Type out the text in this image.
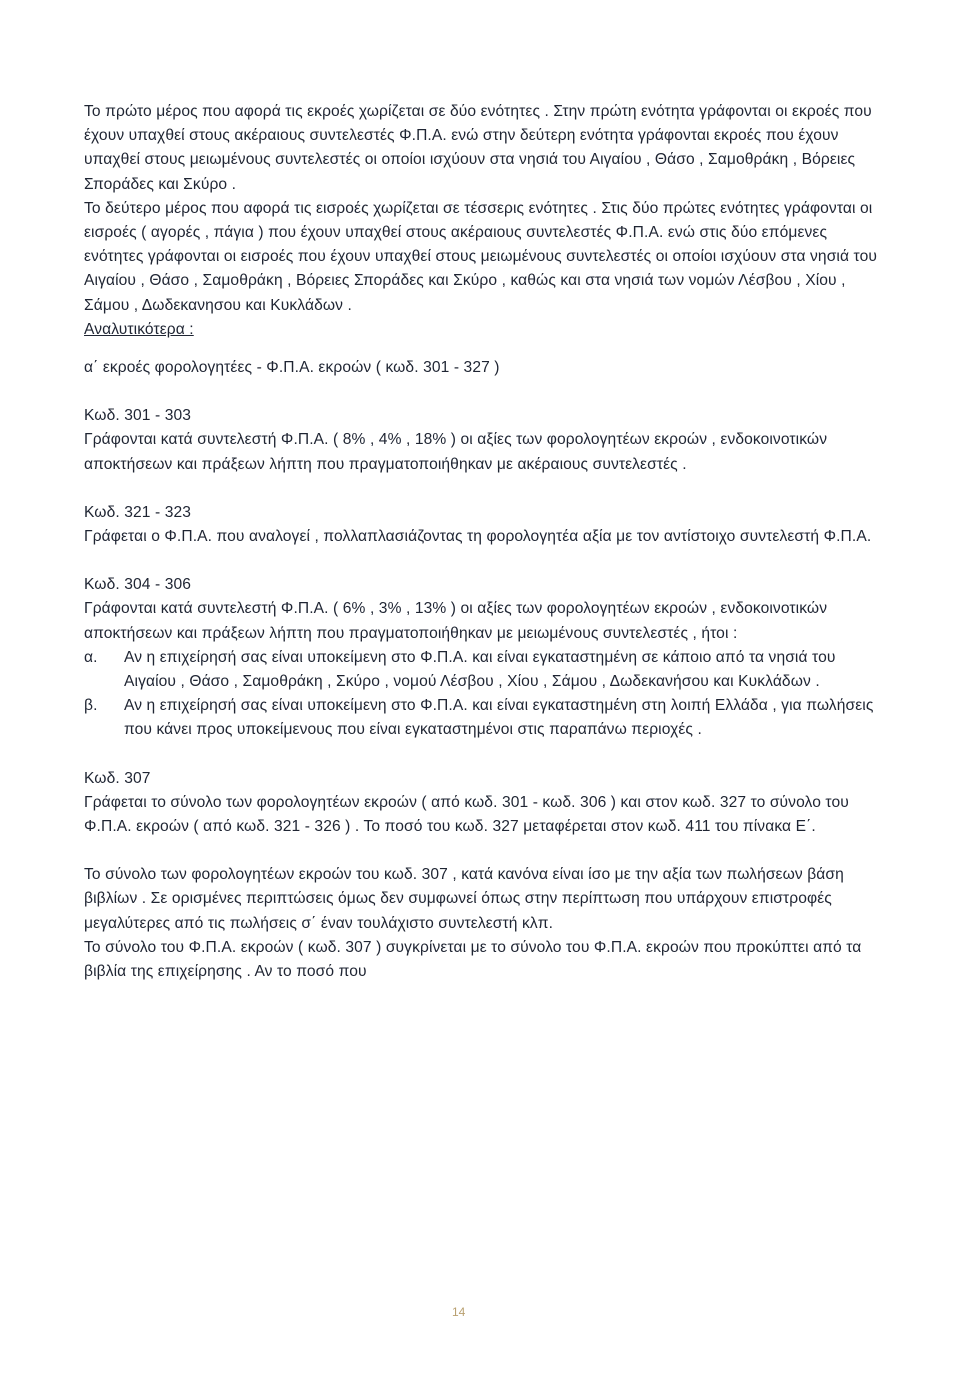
Το πρώτο μέρος που αφορά τις εκροές χωρίζεται σε δύο ενότητες . Στην πρώτη ενότητα γράφονται οι εκροές που έχουν υπαχθεί στους ακέραιους συντελεστές Φ.Π.Α. ενώ στην δεύτερη ενότητα γράφονται εκροές που έχουν υπαχθεί στους μειωμένους συντελεστές οι οποίοι ισχύουν στα νησιά του Αιγαίου , Θάσο , Σαμοθράκη , Βόρειες Σποράδες και Σκύρο .

Το δεύτερο μέρος που αφορά τις εισροές χωρίζεται σε τέσσερις ενότητες . Στις δύο πρώτες ενότητες γράφονται οι εισροές ( αγορές , πάγια ) που έχουν υπαχθεί στους ακέραιους συντελεστές Φ.Π.Α. ενώ στις δύο επόμενες ενότητες γράφονται οι εισροές που έχουν υπαχθεί στους μειωμένους συντελεστές οι οποίοι ισχύουν στα νησιά του Αιγαίου , Θάσο , Σαμοθράκη , Βόρειες Σποράδες και Σκύρο , καθώς και στα νησιά των νομών Λέσβου , Χίου , Σάμου , Δωδεκανησου και Κυκλάδων .

Αναλυτικότερα :

α΄ εκροές φορολογητέες - Φ.Π.Α. εκροών ( κωδ. 301 - 327 )

Κωδ. 301 - 303

Γράφονται κατά συντελεστή Φ.Π.Α. ( 8% , 4% , 18% ) οι αξίες των φορολογητέων εκροών , ενδοκοινοτικών αποκτήσεων και πράξεων λήπτη που πραγματοποιήθηκαν με ακέραιους συντελεστές .

Κωδ. 321 - 323

Γράφεται ο Φ.Π.Α. που αναλογεί , πολλαπλασιάζοντας τη φορολογητέα αξία με τον αντίστοιχο συντελεστή Φ.Π.Α.

Κωδ. 304 - 306

Γράφονται κατά συντελεστή Φ.Π.Α. ( 6% , 3% , 13% ) οι αξίες των φορολογητέων εκροών , ενδοκοινοτικών αποκτήσεων και πράξεων λήπτη που πραγματοποιήθηκαν με μειωμένους συντελεστές , ήτοι :

α.	Αν η επιχείρησή σας είναι υποκείμενη στο Φ.Π.Α. και είναι εγκαταστημένη σε κάποιο από τα νησιά του Αιγαίου , Θάσο , Σαμοθράκη , Σκύρο , νομού Λέσβου , Χίου , Σάμου , Δωδεκανήσου και Κυκλάδων .
β.	Αν η επιχείρησή σας είναι υποκείμενη στο Φ.Π.Α. και είναι εγκαταστημένη στη λοιπή Ελλάδα , για πωλήσεις που κάνει προς υποκείμενους που είναι εγκαταστημένοι στις παραπάνω περιοχές .

Κωδ. 307

Γράφεται το σύνολο των φορολογητέων εκροών ( από κωδ. 301 - κωδ. 306 ) και στον κωδ. 327 το σύνολο του Φ.Π.Α. εκροών ( από κωδ. 321 - 326 ) . Το ποσό του κωδ. 327 μεταφέρεται στον κωδ. 411 του πίνακα Ε΄.

Το σύνολο των φορολογητέων εκροών του κωδ. 307 , κατά κανόνα είναι ίσο με την αξία των πωλήσεων βάση βιβλίων . Σε ορισμένες περιπτώσεις όμως δεν συμφωνεί όπως στην περίπτωση που υπάρχουν επιστροφές μεγαλύτερες από τις πωλήσεις σ΄ έναν τουλάχιστο συντελεστή κλπ.

Το σύνολο του Φ.Π.Α. εκροών ( κωδ. 307 ) συγκρίνεται με το σύνολο του Φ.Π.Α. εκροών που προκύπτει από τα βιβλία της επιχείρησης . Αν το ποσό που

14
